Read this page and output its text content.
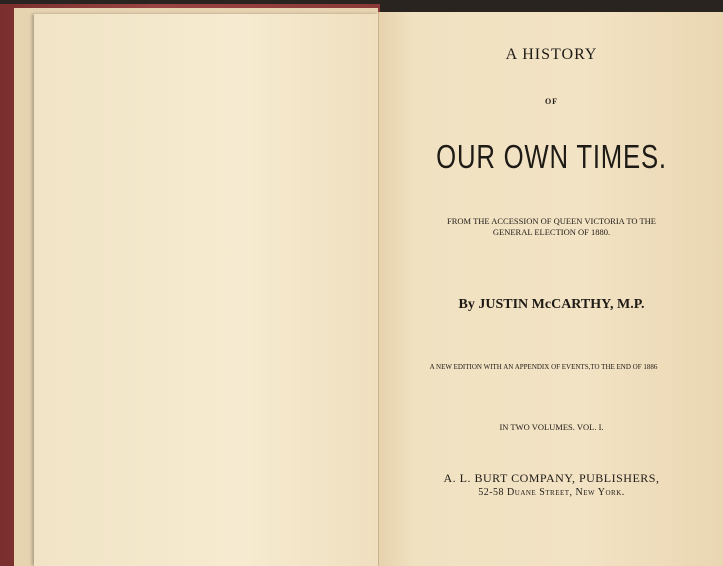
A HISTORY
OF
OUR OWN TIMES.
FROM THE ACCESSION OF QUEEN VICTORIA TO THE
GENERAL ELECTION OF 1880.
By JUSTIN McCARTHY, M.P.
A NEW EDITION WITH AN APPENDIX OF EVENTS,TO THE END OF 1886
IN TWO VOLUMES. VOL. I.
A. L. BURT COMPANY, PUBLISHERS,
52-58 Duane Street, New York.
